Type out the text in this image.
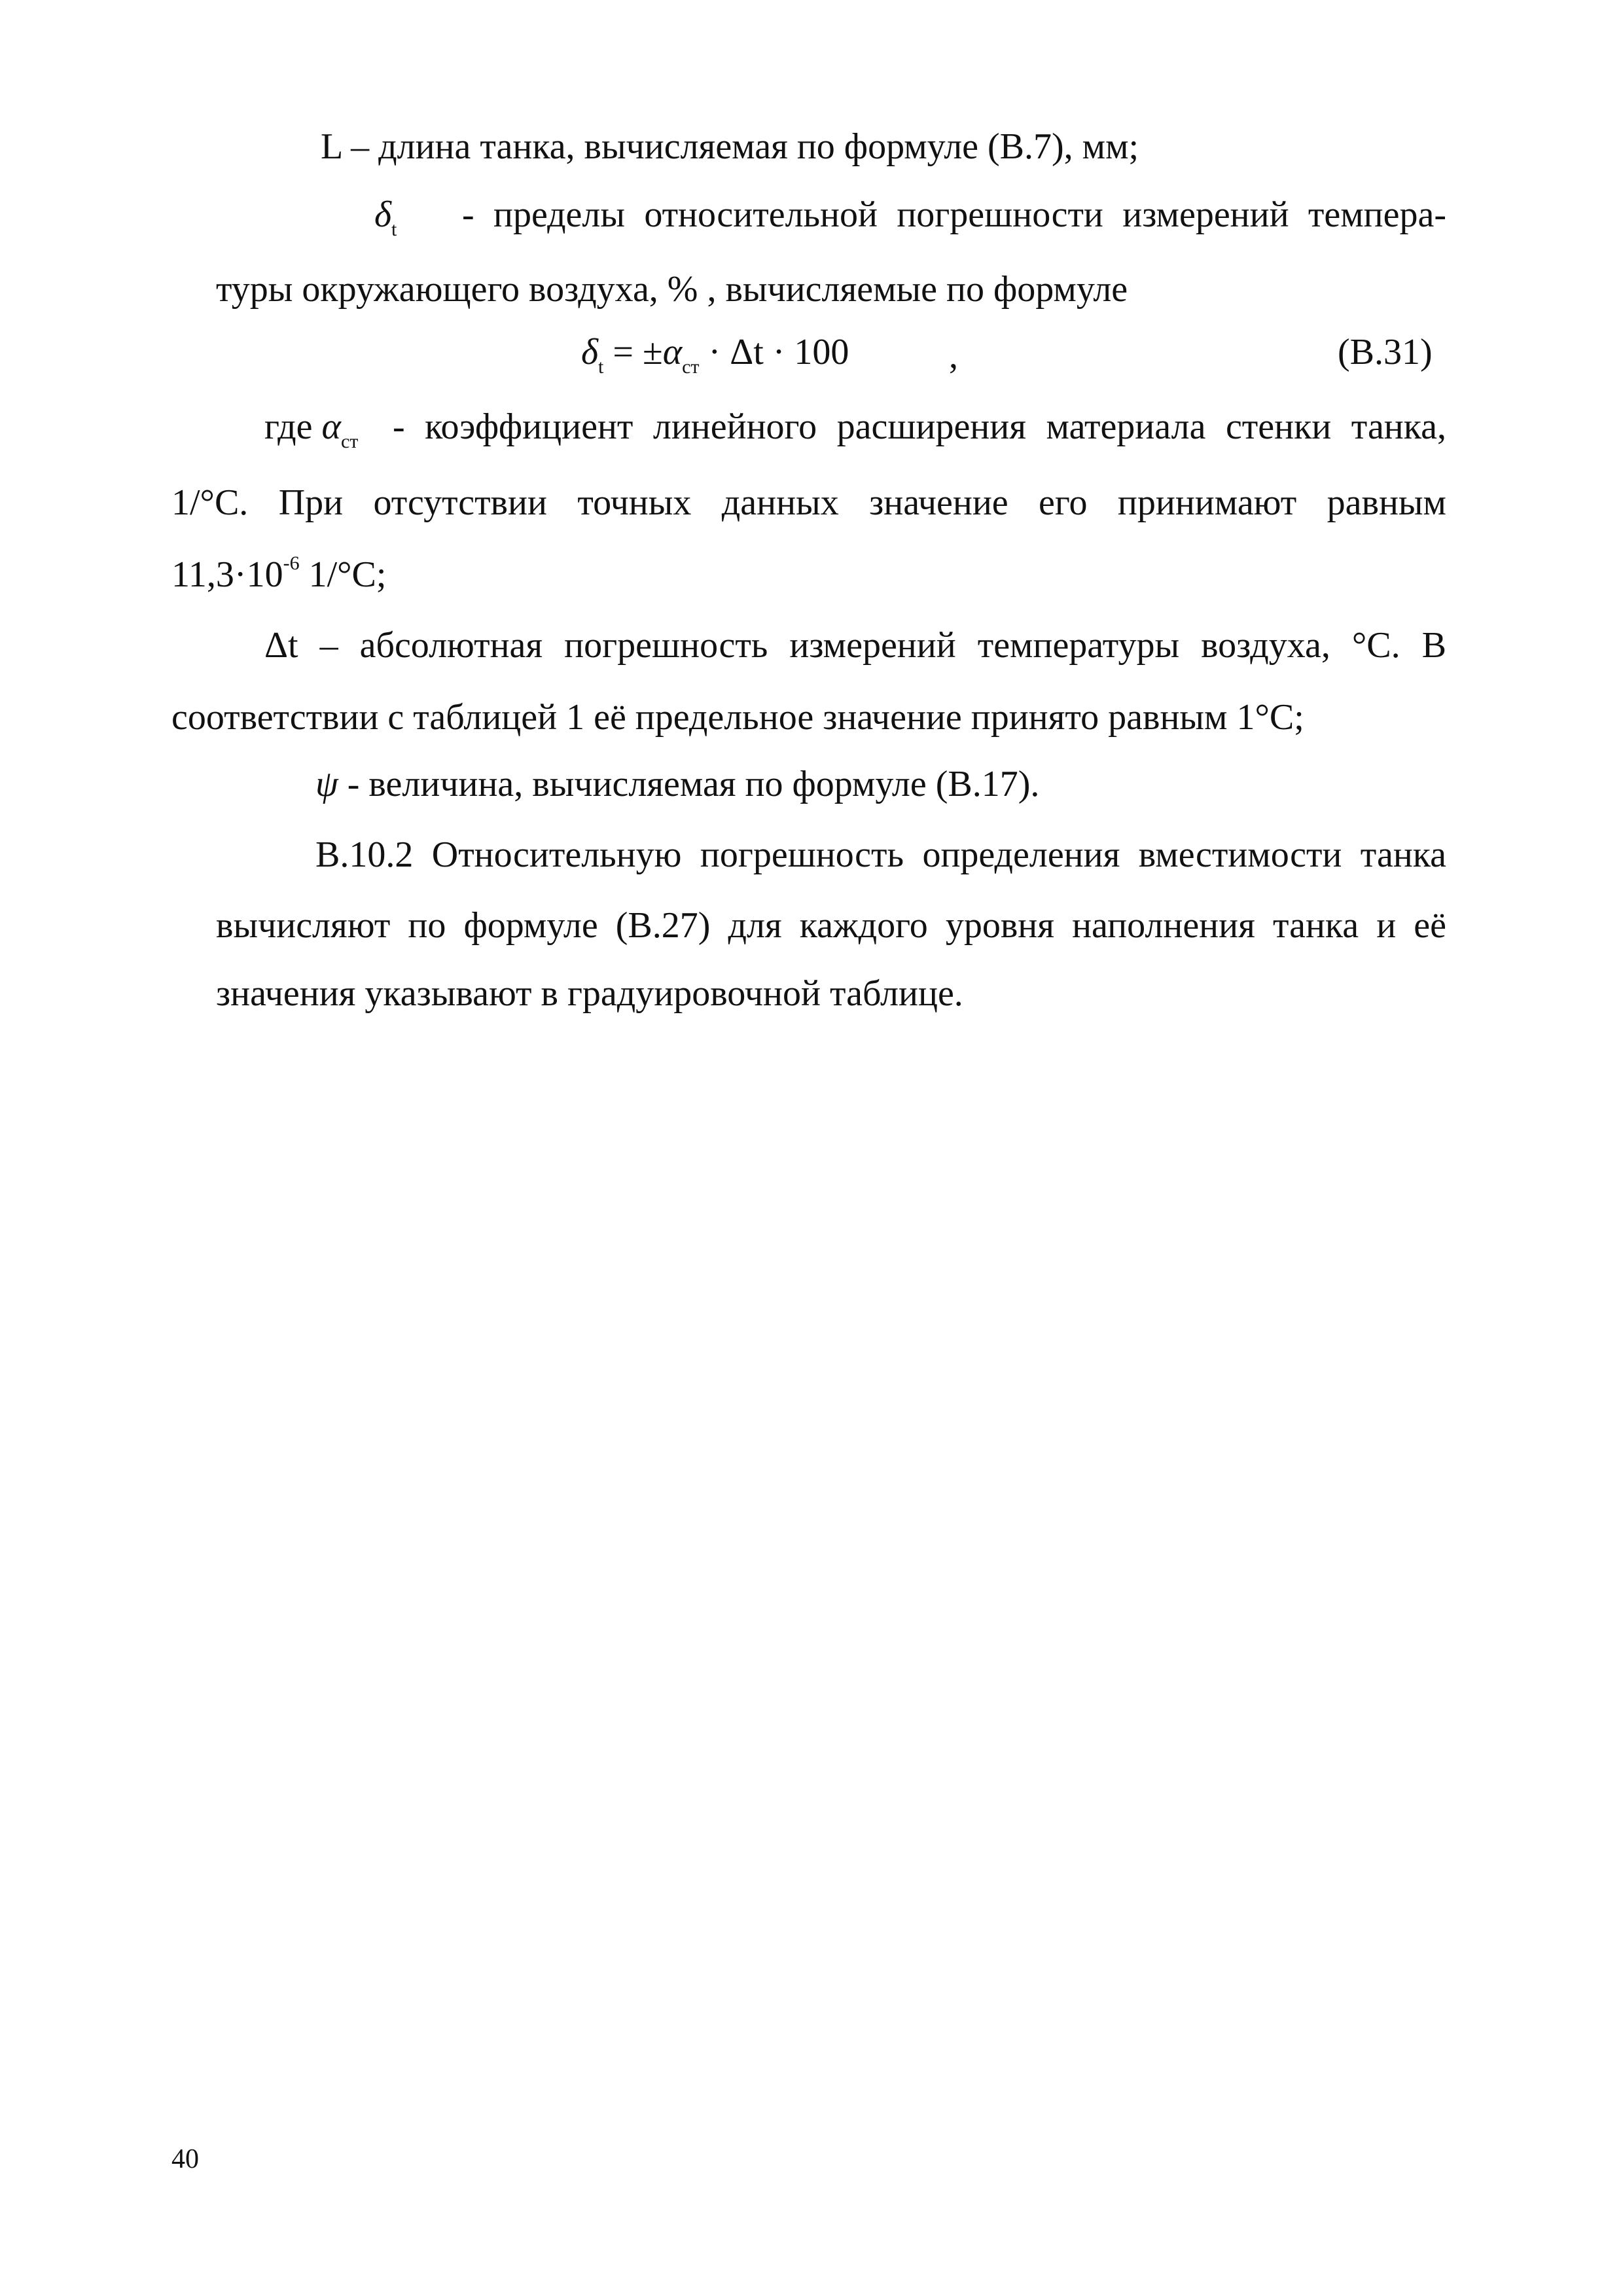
L – длина танка, вычисляемая по формуле (В.7), мм;
$\delta_t$ - пределы относительной погрешности измерений темпера-
туры окружающего воздуха, % , вычисляемые по формуле
$\delta_t = \pm\alpha_{ст} \cdot \Delta t \cdot 100$	,	(В.31)
где $\alpha_{ст}$ - коэффициент линейного расширения материала стенки танка,
1/°С. При отсутствии точных данных значение его принимают равным
$11,3\cdot 10^{-6}$ 1/°С;
Δt – абсолютная погрешность измерений температуры воздуха, °С. В
соответствии с таблицей 1 её предельное значение принято равным 1°С;
ψ - величина, вычисляемая по формуле (В.17).
В.10.2 Относительную погрешность определения вместимости танка
вычисляют по формуле (В.27) для каждого уровня наполнения танка и её
значения указывают в градуировочной таблице.
40
